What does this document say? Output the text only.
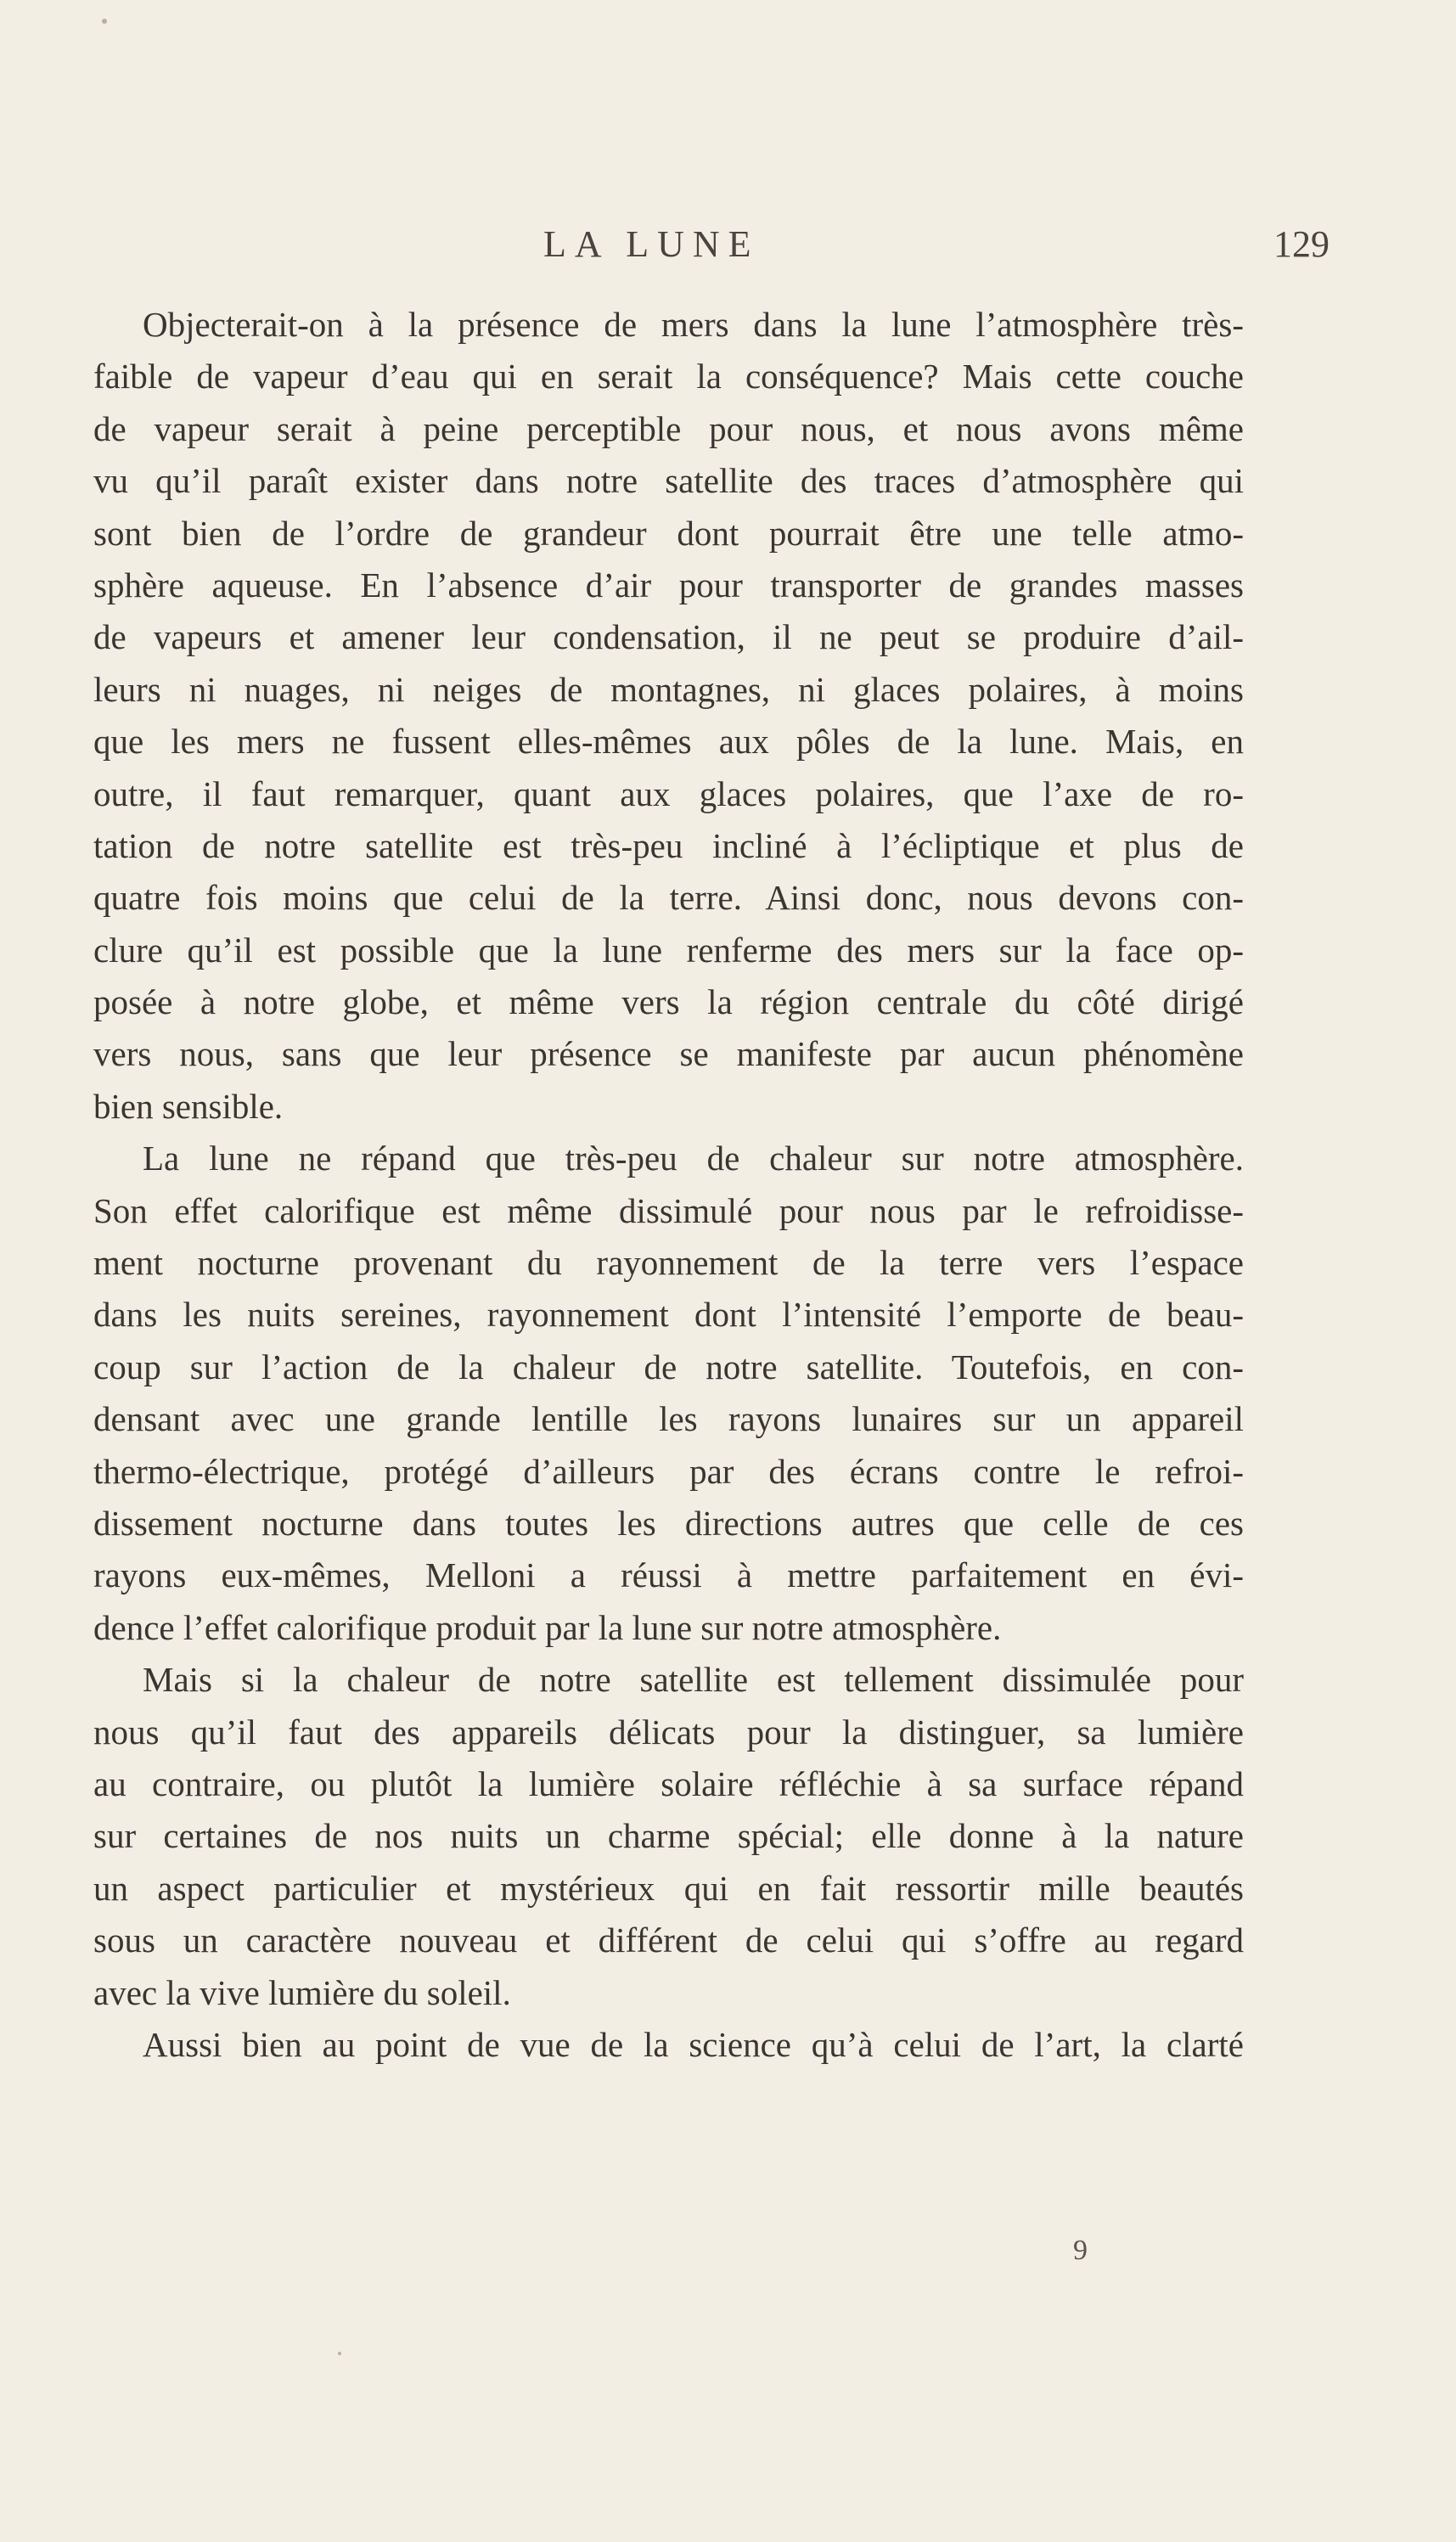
LA LUNE	129
Objecterait-on à la présence de mers dans la lune l’atmosphère très-
faible de vapeur d’eau qui en serait la conséquence? Mais cette couche
de vapeur serait à peine perceptible pour nous, et nous avons même
vu qu’il paraît exister dans notre satellite des traces d’atmosphère qui
sont bien de l’ordre de grandeur dont pourrait être une telle atmo-
sphère aqueuse. En l’absence d’air pour transporter de grandes masses
de vapeurs et amener leur condensation, il ne peut se produire d’ail-
leurs ni nuages, ni neiges de montagnes, ni glaces polaires, à moins
que les mers ne fussent elles-mêmes aux pôles de la lune. Mais, en
outre, il faut remarquer, quant aux glaces polaires, que l’axe de ro-
tation de notre satellite est très-peu incliné à l’écliptique et plus de
quatre fois moins que celui de la terre. Ainsi donc, nous devons con-
clure qu’il est possible que la lune renferme des mers sur la face op-
posée à notre globe, et même vers la région centrale du côté dirigé
vers nous, sans que leur présence se manifeste par aucun phénomène
bien sensible.
La lune ne répand que très-peu de chaleur sur notre atmosphère.
Son effet calorifique est même dissimulé pour nous par le refroidisse-
ment nocturne provenant du rayonnement de la terre vers l’espace
dans les nuits sereines, rayonnement dont l’intensité l’emporte de beau-
coup sur l’action de la chaleur de notre satellite. Toutefois, en con-
densant avec une grande lentille les rayons lunaires sur un appareil
thermo-électrique, protégé d’ailleurs par des écrans contre le refroi-
dissement nocturne dans toutes les directions autres que celle de ces
rayons eux-mêmes, Melloni a réussi à mettre parfaitement en évi-
dence l’effet calorifique produit par la lune sur notre atmosphère.
Mais si la chaleur de notre satellite est tellement dissimulée pour
nous qu’il faut des appareils délicats pour la distinguer, sa lumière
au contraire, ou plutôt la lumière solaire réfléchie à sa surface répand
sur certaines de nos nuits un charme spécial; elle donne à la nature
un aspect particulier et mystérieux qui en fait ressortir mille beautés
sous un caractère nouveau et différent de celui qui s’offre au regard
avec la vive lumière du soleil.
Aussi bien au point de vue de la science qu’à celui de l’art, la clarté
9
